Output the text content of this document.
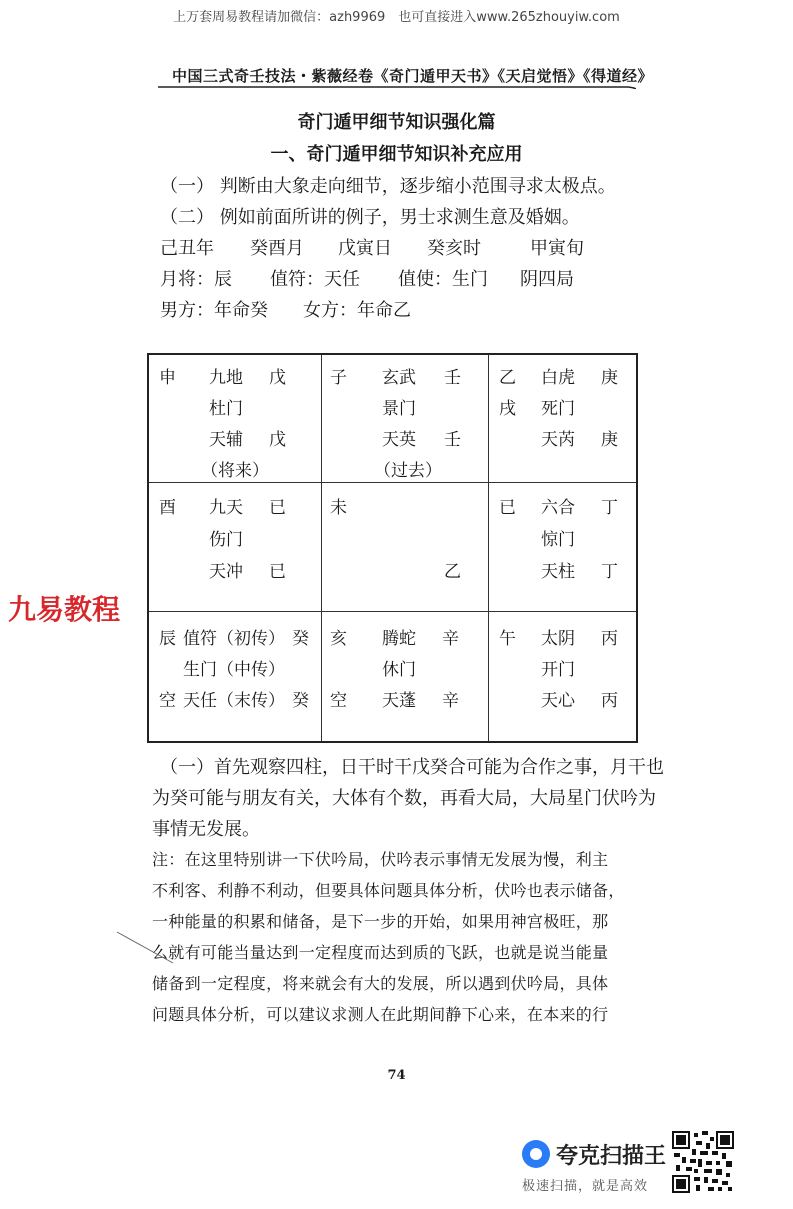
上万套周易教程请加微信：azh9969　也可直接进入www.265zhouyiw.com
中国三式奇壬技法・紫薇经卷《奇门遁甲天书》《天启觉悟》《得道经》
奇门遁甲细节知识强化篇
一、奇门遁甲细节知识补充应用
（一） 判断由大象走向细节，逐步缩小范围寻求太极点。
（二） 例如前面所讲的例子，男士求测生意及婚姻。
己丑年 癸酉月 戊寅日 癸亥时	甲寅旬
月将：辰 值符：天任 值使：生门 阴四局
男方：年命癸 女方：年命乙
申 九地 戊
杜门
天辅 戊
（将来）
子 玄武 壬
景门
天英 壬
（过去）
乙
戌
白虎 庚
死门
天芮 庚
酉 九天 已
伤门
天冲 已
未
乙
已 六合 丁
惊门
天柱 丁
辰 值符（初传） 癸
生门（中传）
空 天任（末传） 癸
亥 腾蛇 辛
休门
空 天蓬 辛
午 太阴 丙
开门
天心 丙
九易教程
（一）首先观察四柱，日干时干戊癸合可能为合作之事，月干也
为癸可能与朋友有关，大体有个数，再看大局，大局星门伏吟为
事情无发展。
注：在这里特别讲一下伏吟局，伏吟表示事情无发展为慢，利主
不利客、利静不利动，但要具体问题具体分析，伏吟也表示储备，
一种能量的积累和储备，是下一步的开始，如果用神宫极旺，那
么就有可能当量达到一定程度而达到质的飞跃，也就是说当能量
储备到一定程度，将来就会有大的发展，所以遇到伏吟局，具体
问题具体分析，可以建议求测人在此期间静下心来，在本来的行
74
夸克扫描王
极速扫描，就是高效
